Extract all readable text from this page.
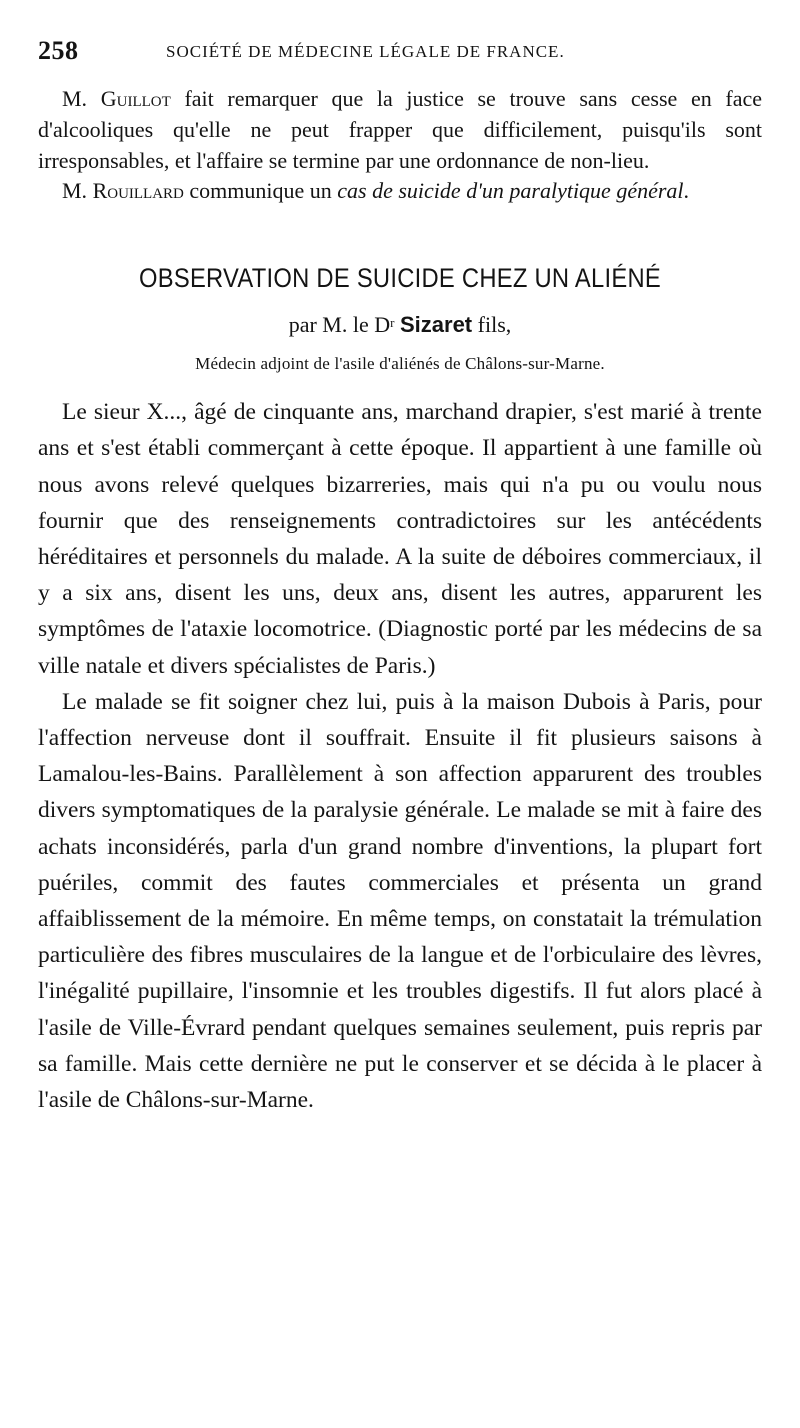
258	SOCIÉTÉ DE MÉDECINE LÉGALE DE FRANCE.

M. Guillot fait remarquer que la justice se trouve sans cesse en face d'alcooliques qu'elle ne peut frapper que difficilement, puisqu'ils sont irresponsables, et l'affaire se termine par une ordonnance de non-lieu.

M. Rouillard communique un cas de suicide d'un paralytique général.

OBSERVATION DE SUICIDE CHEZ UN ALIÉNÉ

par M. le $D^r$ Sizaret fils,

Médecin adjoint de l'asile d'aliénés de Châlons-sur-Marne.

Le sieur X..., âgé de cinquante ans, marchand drapier, s'est marié à trente ans et s'est établi commerçant à cette époque. Il appartient à une famille où nous avons relevé quelques bizarreries, mais qui n'a pu ou voulu nous fournir que des renseignements contradictoires sur les antécédents héréditaires et personnels du malade. A la suite de déboires commerciaux, il y a six ans, disent les uns, deux ans, disent les autres, apparurent les symptômes de l'ataxie locomotrice. (Diagnostic porté par les médecins de sa ville natale et divers spécialistes de Paris.)

Le malade se fit soigner chez lui, puis à la maison Dubois à Paris, pour l'affection nerveuse dont il souffrait. Ensuite il fit plusieurs saisons à Lamalou-les-Bains. Parallèlement à son affection apparurent des troubles divers symptomatiques de la paralysie générale. Le malade se mit à faire des achats inconsidérés, parla d'un grand nombre d'inventions, la plupart fort puériles, commit des fautes commerciales et présenta un grand affaiblissement de la mémoire. En même temps, on constatait la trémulation particulière des fibres musculaires de la langue et de l'orbiculaire des lèvres, l'inégalité pupillaire, l'insomnie et les troubles digestifs. Il fut alors placé à l'asile de Ville-Évrard pendant quelques semaines seulement, puis repris par sa famille. Mais cette dernière ne put le conserver et se décida à le placer à l'asile de Châlons-sur-Marne.
